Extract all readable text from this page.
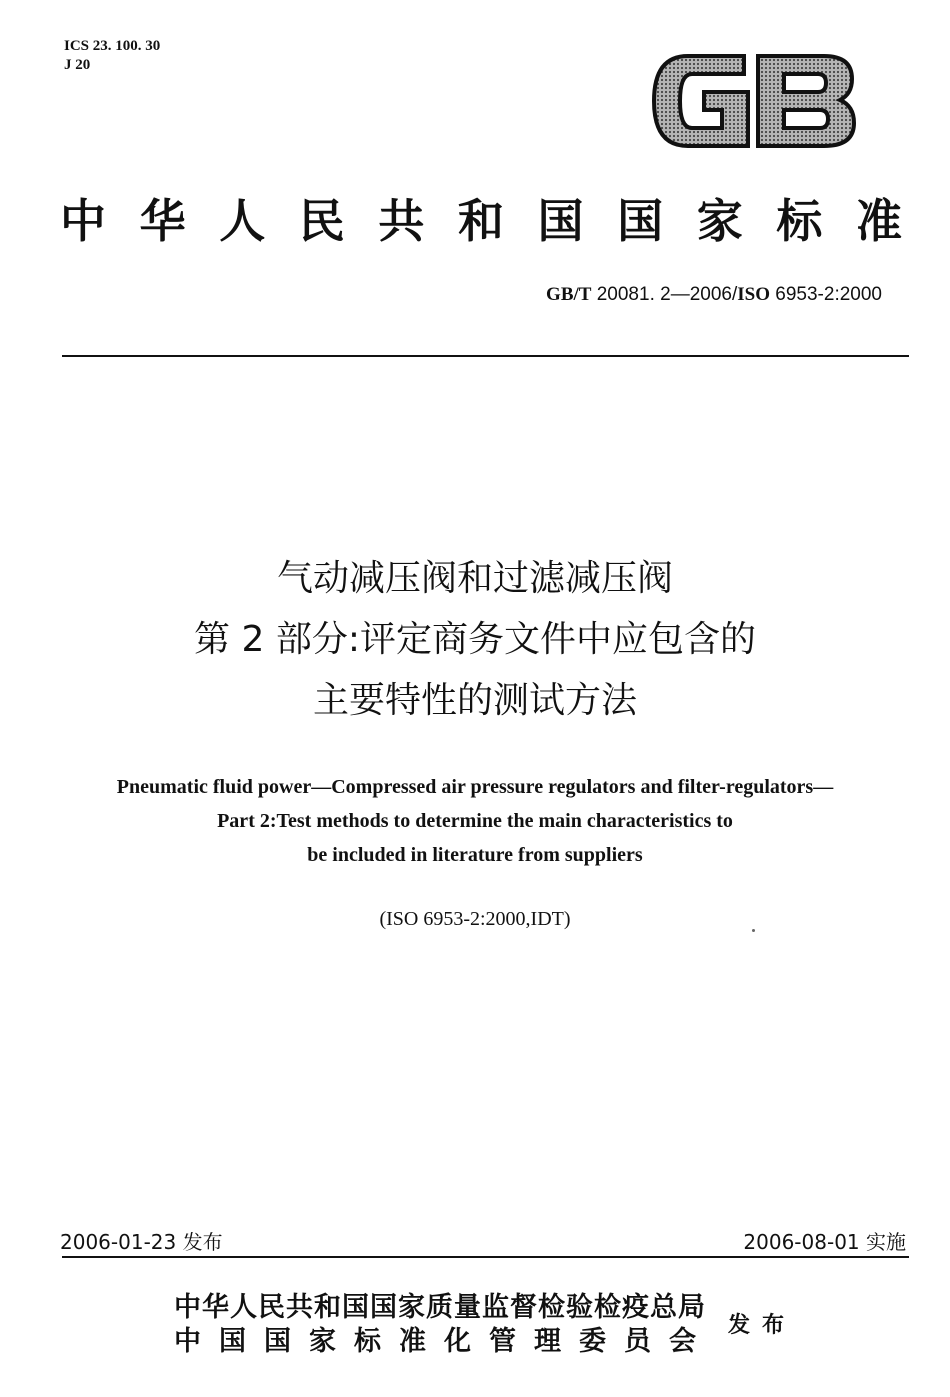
ICS 23. 100. 30
J 20
中华人民共和国国家标准
GB/T 20081. 2—2006/ISO 6953-2:2000
气动减压阀和过滤减压阀
第 2 部分:评定商务文件中应包含的
主要特性的测试方法
Pneumatic fluid power—Compressed air pressure regulators and filter-regulators—
Part 2:Test methods to determine the main characteristics to
be included in literature from suppliers
(ISO 6953-2:2000,IDT)
2006-01-23 发布	2006-08-01 实施
中华人民共和国国家质量监督检验检疫总局
中国国家标准化管理委员会
发布
